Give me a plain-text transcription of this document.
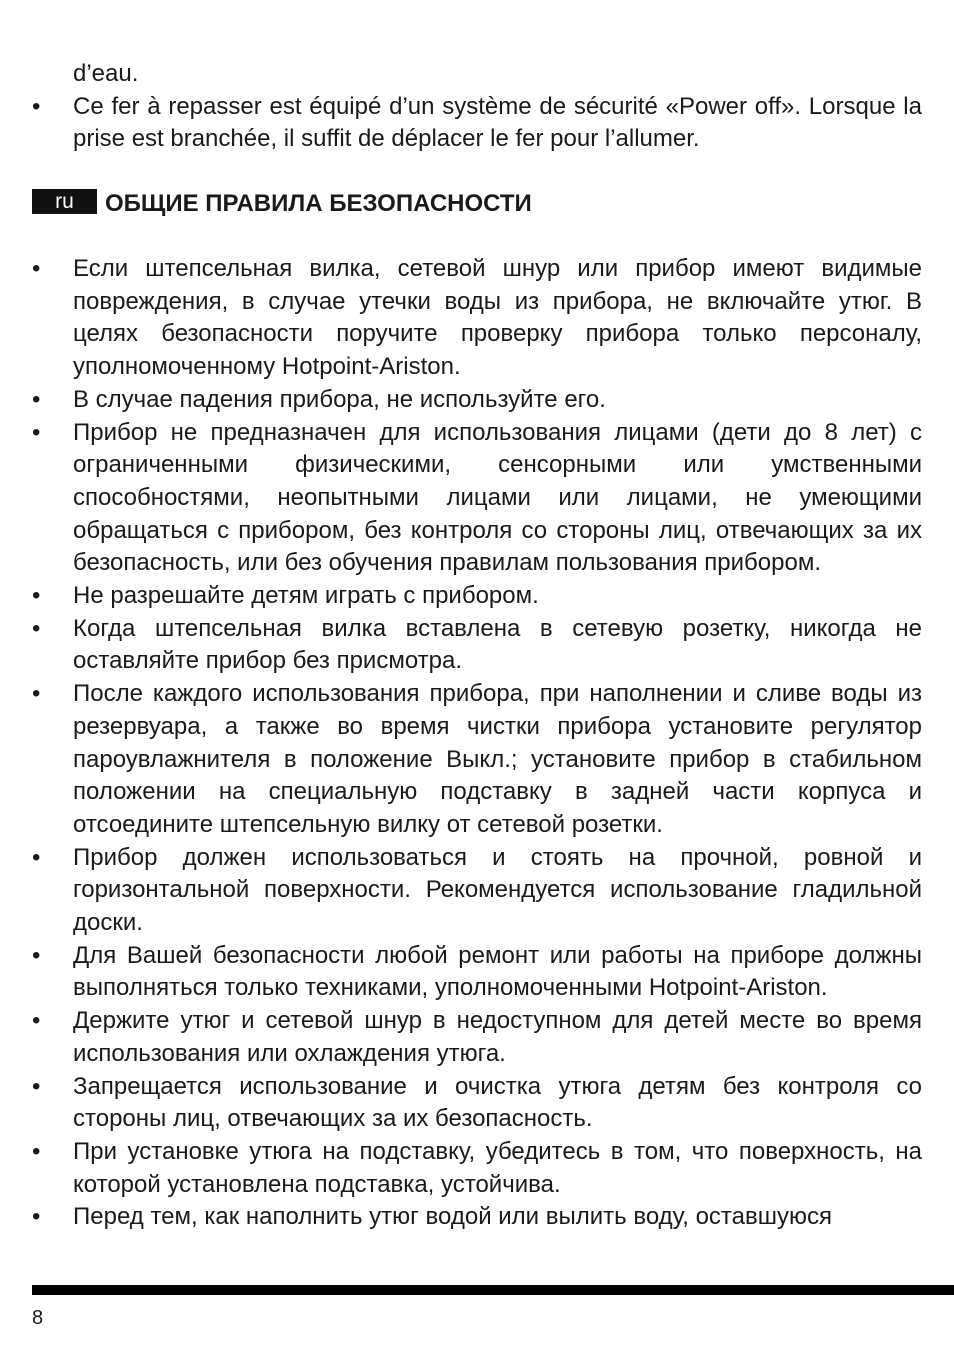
d’eau.
•	Ce fer à repasser est équipé d’un système de sécurité «Power off». Lorsque la prise est branchée, il suffit de déplacer le fer pour l’allumer.
ru	ОБЩИЕ ПРАВИЛА БЕЗОПАСНОСТИ
•	Если штепсельная вилка, сетевой шнур или прибор имеют видимые повреждения, в случае утечки воды из прибора, не включайте утюг. В целях безопасности поручите проверку прибора только персоналу, уполномоченному Hotpoint-Ariston.
•	В случае падения прибора, не используйте его.
•	Прибор не предназначен для использования лицами (дети до 8 лет) с ограниченными физическими, сенсорными или умственными способностями, неопытными лицами или лицами, не умеющими обращаться с прибором, без контроля со стороны лиц, отвечающих за их безопасность, или без обучения правилам пользования прибором.
•	Не разрешайте детям играть с прибором.
•	Когда штепсельная вилка вставлена в сетевую розетку, никогда не оставляйте прибор без присмотра.
•	После каждого использования прибора, при наполнении и сливе воды из резервуара, а также во время чистки прибора установите регулятор пароувлажнителя в положение Выкл.; установите прибор в стабильном положении на специальную подставку в задней части корпуса и отсоедините штепсельную вилку от сетевой розетки.
•	Прибор должен использоваться и стоять на прочной, ровной и горизонтальной поверхности. Рекомендуется использование гладильной доски.
•	Для Вашей безопасности любой ремонт или работы на приборе должны выполняться только техниками, уполномоченными Hotpoint-Ariston.
•	Держите утюг и сетевой шнур в недоступном для детей месте во время использования или охлаждения утюга.
•	Запрещается использование и очистка утюга детям без контроля со стороны лиц, отвечающих за их безопасность.
•	При установке утюга на подставку, убедитесь в том, что поверхность, на которой установлена подставка, устойчива.
•	Перед тем, как наполнить утюг водой или вылить воду, оставшуюся
8
